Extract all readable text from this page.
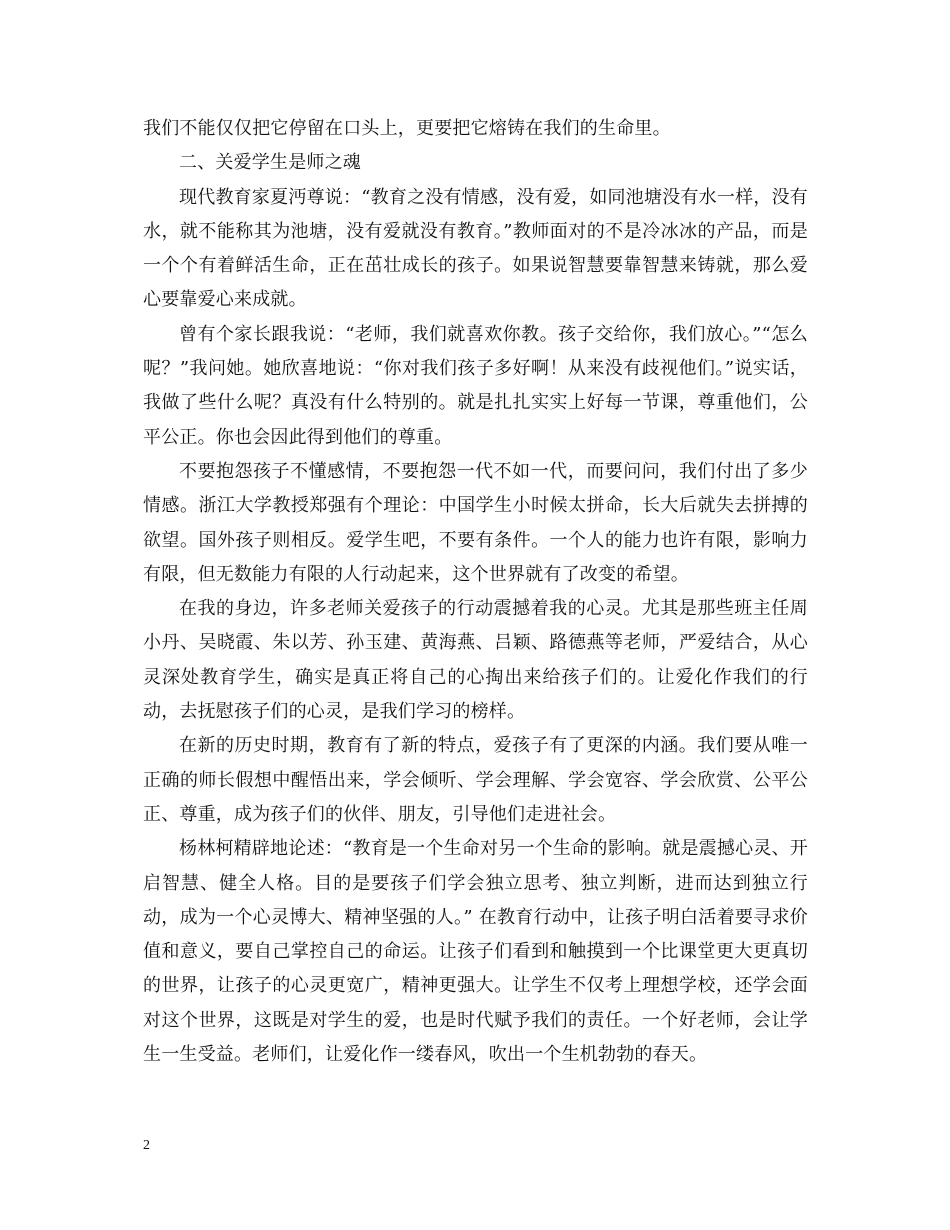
我们不能仅仅把它停留在口头上，更要把它熔铸在我们的生命里。

二、关爱学生是师之魂

现代教育家夏沔尊说：“教育之没有情感，没有爱，如同池塘没有水一样，没有水，就不能称其为池塘，没有爱就没有教育。”教师面对的不是冷冰冰的产品，而是一个个有着鲜活生命，正在茁壮成长的孩子。如果说智慧要靠智慧来铸就，那么爱心要靠爱心来成就。

曾有个家长跟我说：“老师，我们就喜欢你教。孩子交给你，我们放心。”“怎么呢？”我问她。她欣喜地说：“你对我们孩子多好啊！从来没有歧视他们。”说实话，我做了些什么呢？真没有什么特别的。就是扎扎实实上好每一节课，尊重他们，公平公正。你也会因此得到他们的尊重。

不要抱怨孩子不懂感情，不要抱怨一代不如一代，而要问问，我们付出了多少情感。浙江大学教授郑强有个理论：中国学生小时候太拼命，长大后就失去拼搏的欲望。国外孩子则相反。爱学生吧，不要有条件。一个人的能力也许有限，影响力有限，但无数能力有限的人行动起来，这个世界就有了改变的希望。

在我的身边，许多老师关爱孩子的行动震撼着我的心灵。尤其是那些班主任周小丹、吴晓霞、朱以芳、孙玉建、黄海燕、吕颖、路德燕等老师，严爱结合，从心灵深处教育学生，确实是真正将自己的心掏出来给孩子们的。让爱化作我们的行动，去抚慰孩子们的心灵，是我们学习的榜样。

在新的历史时期，教育有了新的特点，爱孩子有了更深的内涵。我们要从唯一正确的师长假想中醒悟出来，学会倾听、学会理解、学会宽容、学会欣赏、公平公正、尊重，成为孩子们的伙伴、朋友，引导他们走进社会。

杨林柯精辟地论述：“教育是一个生命对另一个生命的影响。就是震撼心灵、开启智慧、健全人格。目的是要孩子们学会独立思考、独立判断，进而达到独立行动，成为一个心灵博大、精神坚强的人。” 在教育行动中，让孩子明白活着要寻求价值和意义，要自己掌控自己的命运。让孩子们看到和触摸到一个比课堂更大更真切的世界，让孩子的心灵更宽广，精神更强大。让学生不仅考上理想学校，还学会面对这个世界，这既是对学生的爱，也是时代赋予我们的责任。一个好老师，会让学生一生受益。老师们，让爱化作一缕春风，吹出一个生机勃勃的春天。

2
